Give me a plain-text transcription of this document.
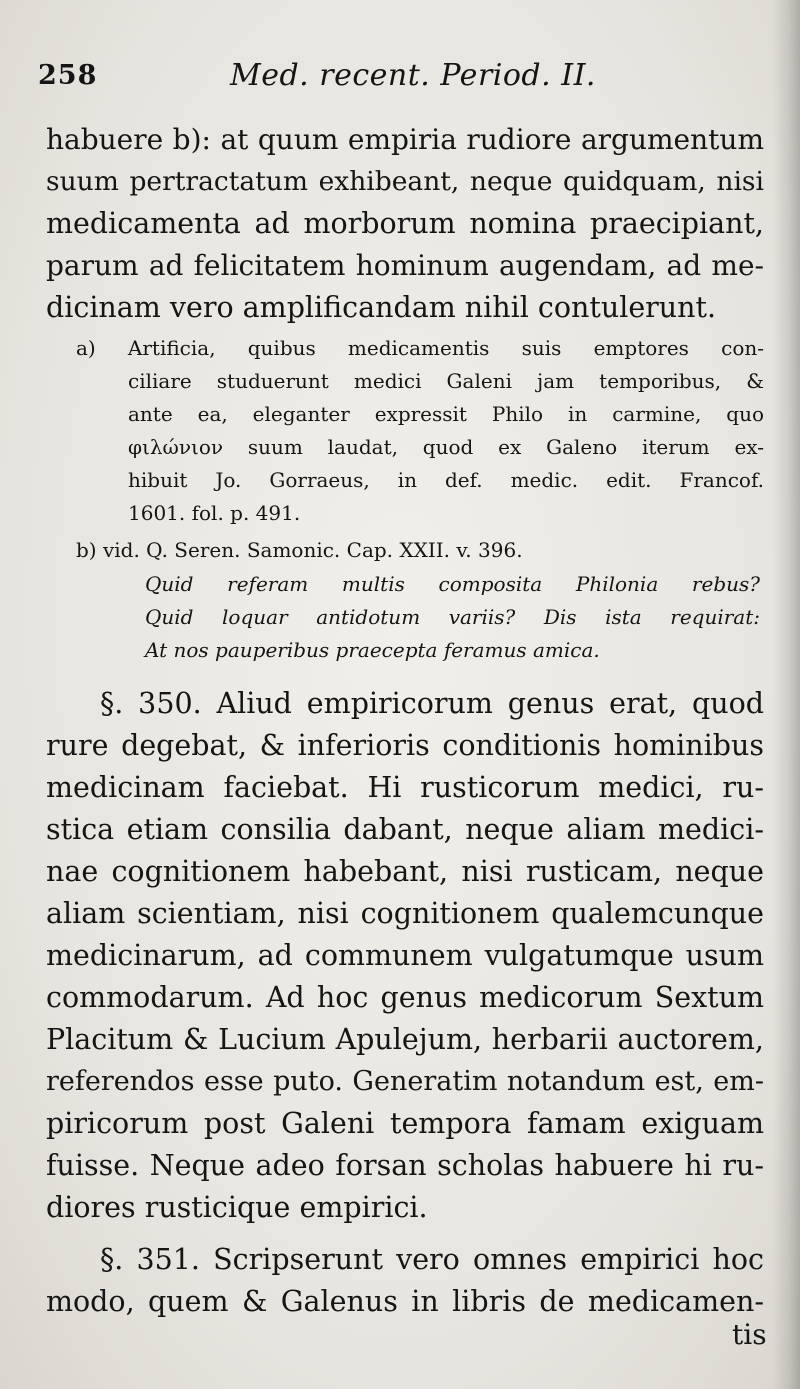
258	Med. recent. Period. II.
habuere b): at quum empiria rudiore argumentum
suum pertractatum exhibeant, neque quidquam, nisi
medicamenta ad morborum nomina praecipiant,
parum ad felicitatem hominum augendam, ad me-
dicinam vero amplificandam nihil contulerunt.
a) Artificia, quibus medicamentis suis emptores con-
ciliare studuerunt medici Galeni jam temporibus, &
ante ea, eleganter expressit Philo in carmine, quo
φιλώνιον suum laudat, quod ex Galeno iterum ex-
hibuit Jo. Gorraeus, in def. medic. edit. Francof.
1601. fol. p. 491.
b) vid. Q. Seren. Samonic. Cap. XXII. v. 396.
Quid referam multis composita Philonia rebus?
Quid loquar antidotum variis? Dis ista requirat:
At nos pauperibus praecepta feramus amica.
§. 350. Aliud empiricorum genus erat, quod
rure degebat, & inferioris conditionis hominibus
medicinam faciebat. Hi rusticorum medici, ru-
stica etiam consilia dabant, neque aliam medici-
nae cognitionem habebant, nisi rusticam, neque
aliam scientiam, nisi cognitionem qualemcunque
medicinarum, ad communem vulgatumque usum
commodarum. Ad hoc genus medicorum Sextum
Placitum & Lucium Apulejum, herbarii auctorem,
referendos esse puto. Generatim notandum est, em-
piricorum post Galeni tempora famam exiguam
fuisse. Neque adeo forsan scholas habuere hi ru-
diores rusticique empirici.
§. 351. Scripserunt vero omnes empirici hoc
modo, quem & Galenus in libris de medicamen-
tis
